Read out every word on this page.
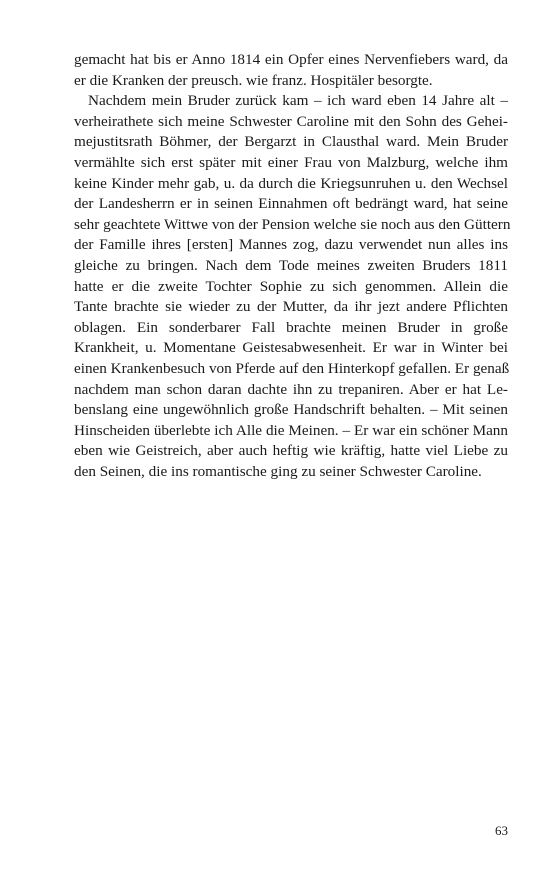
gemacht hat bis er Anno 1814 ein Opfer eines Nervenfiebers ward, da
er die Kranken der preusch. wie franz. Hospitäler besorgte.
Nachdem mein Bruder zurück kam – ich ward eben 14 Jahre alt –
verheirathete sich meine Schwester Caroline mit den Sohn des Gehei-
mejustitsrath Böhmer, der Bergarzt in Clausthal ward. Mein Bruder
vermählte sich erst später mit einer Frau von Malzburg, welche ihm
keine Kinder mehr gab, u. da durch die Kriegsunruhen u. den Wechsel
der Landesherrn er in seinen Einnahmen oft bedrängt ward, hat seine
sehr geachtete Wittwe von der Pension welche sie noch aus den Güttern
der Famille ihres [ersten] Mannes zog, dazu verwendet nun alles ins
gleiche zu bringen. Nach dem Tode meines zweiten Bruders 1811
hatte er die zweite Tochter Sophie zu sich genommen. Allein die
Tante brachte sie wieder zu der Mutter, da ihr jezt andere Pflichten
oblagen. Ein sonderbarer Fall brachte meinen Bruder in große
Krankheit, u. Momentane Geistesabwesenheit. Er war in Winter bei
einen Krankenbesuch von Pferde auf den Hinterkopf gefallen. Er genaß
nachdem man schon daran dachte ihn zu trepaniren. Aber er hat Le-
benslang eine ungewöhnlich große Handschrift behalten. – Mit seinen
Hinscheiden überlebte ich Alle die Meinen. – Er war ein schöner Mann
eben wie Geistreich, aber auch heftig wie kräftig, hatte viel Liebe zu
den Seinen, die ins romantische ging zu seiner Schwester Caroline.
63
